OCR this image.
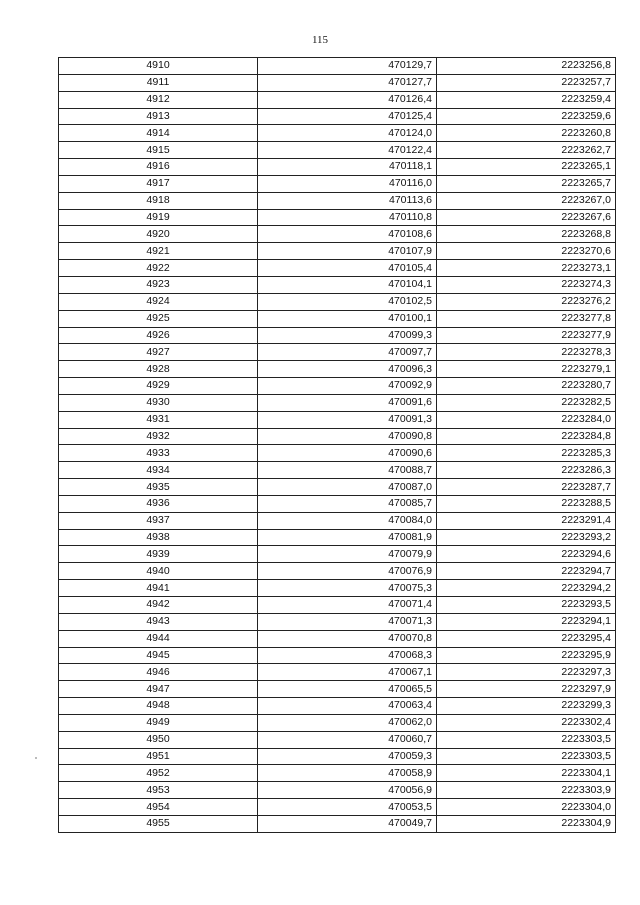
115
4910	470129,7	2223256,8
4911	470127,7	2223257,7
4912	470126,4	2223259,4
4913	470125,4	2223259,6
4914	470124,0	2223260,8
4915	470122,4	2223262,7
4916	470118,1	2223265,1
4917	470116,0	2223265,7
4918	470113,6	2223267,0
4919	470110,8	2223267,6
4920	470108,6	2223268,8
4921	470107,9	2223270,6
4922	470105,4	2223273,1
4923	470104,1	2223274,3
4924	470102,5	2223276,2
4925	470100,1	2223277,8
4926	470099,3	2223277,9
4927	470097,7	2223278,3
4928	470096,3	2223279,1
4929	470092,9	2223280,7
4930	470091,6	2223282,5
4931	470091,3	2223284,0
4932	470090,8	2223284,8
4933	470090,6	2223285,3
4934	470088,7	2223286,3
4935	470087,0	2223287,7
4936	470085,7	2223288,5
4937	470084,0	2223291,4
4938	470081,9	2223293,2
4939	470079,9	2223294,6
4940	470076,9	2223294,7
4941	470075,3	2223294,2
4942	470071,4	2223293,5
4943	470071,3	2223294,1
4944	470070,8	2223295,4
4945	470068,3	2223295,9
4946	470067,1	2223297,3
4947	470065,5	2223297,9
4948	470063,4	2223299,3
4949	470062,0	2223302,4
4950	470060,7	2223303,5
4951	470059,3	2223303,5
4952	470058,9	2223304,1
4953	470056,9	2223303,9
4954	470053,5	2223304,0
4955	470049,7	2223304,9
